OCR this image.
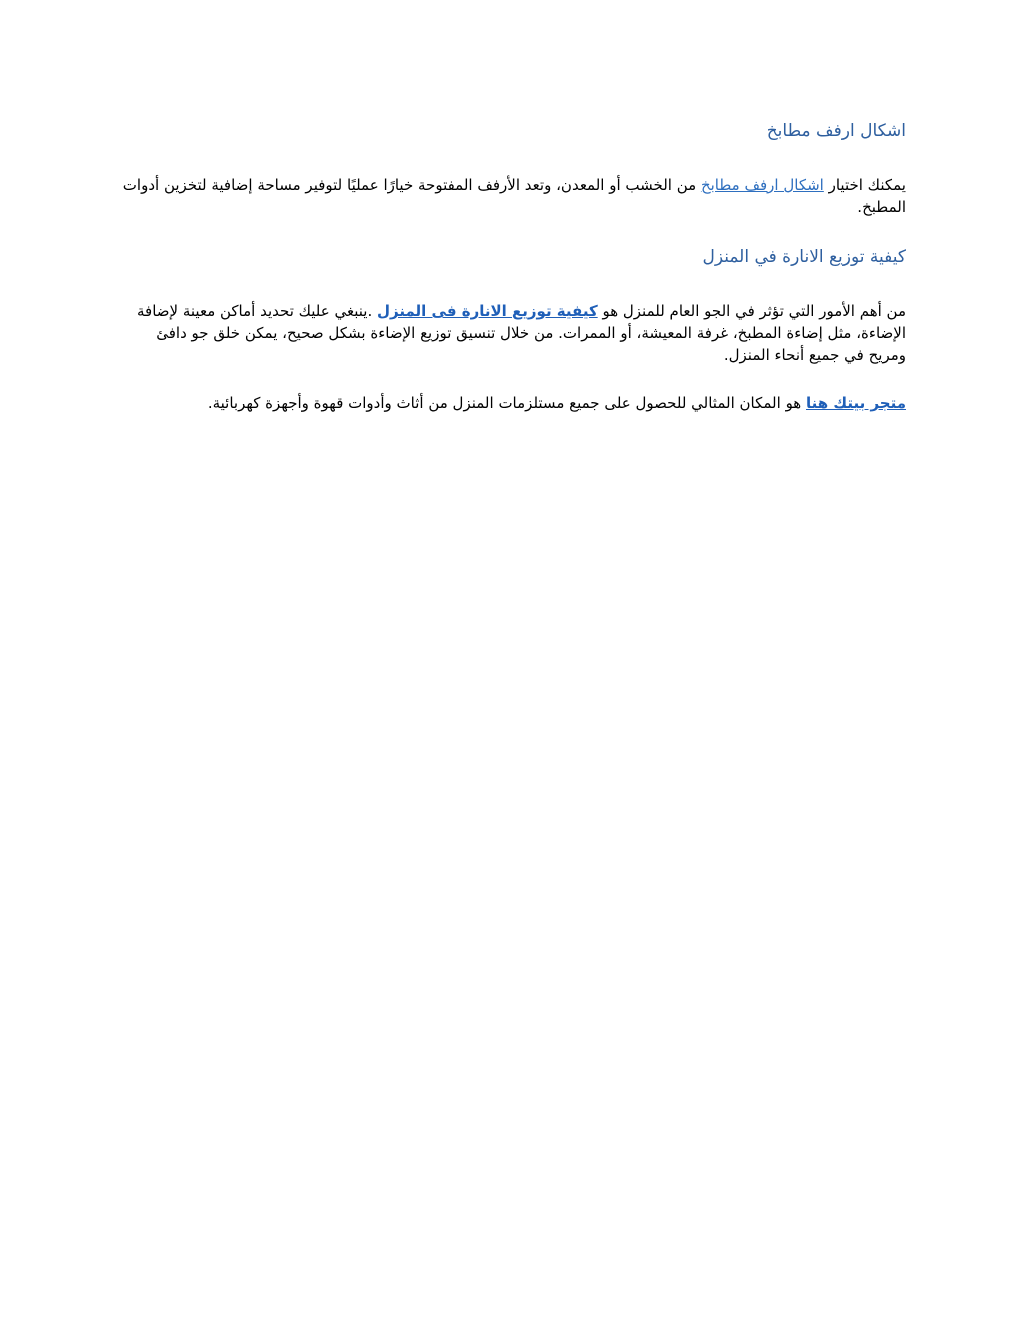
اشكال ارفف مطابخ

يمكنك اختيار اشكال ارفف مطابخ من الخشب أو المعدن، وتعد الأرفف المفتوحة خيارًا عمليًا لتوفير مساحة إضافية لتخزين أدوات المطبخ.

كيفية توزيع الانارة في المنزل

من أهم الأمور التي تؤثر في الجو العام للمنزل هو كيفية توزيع الانارة فى المنزل .ينبغي عليك تحديد أماكن معينة لإضافة الإضاءة، مثل إضاءة المطبخ، غرفة المعيشة، أو الممرات. من خلال تنسيق توزيع الإضاءة بشكل صحيح، يمكن خلق جو دافئ ومريح في جميع أنحاء المنزل.

متجر بيتك هنا هو المكان المثالي للحصول على جميع مستلزمات المنزل من أثاث وأدوات قهوة وأجهزة كهربائية.
